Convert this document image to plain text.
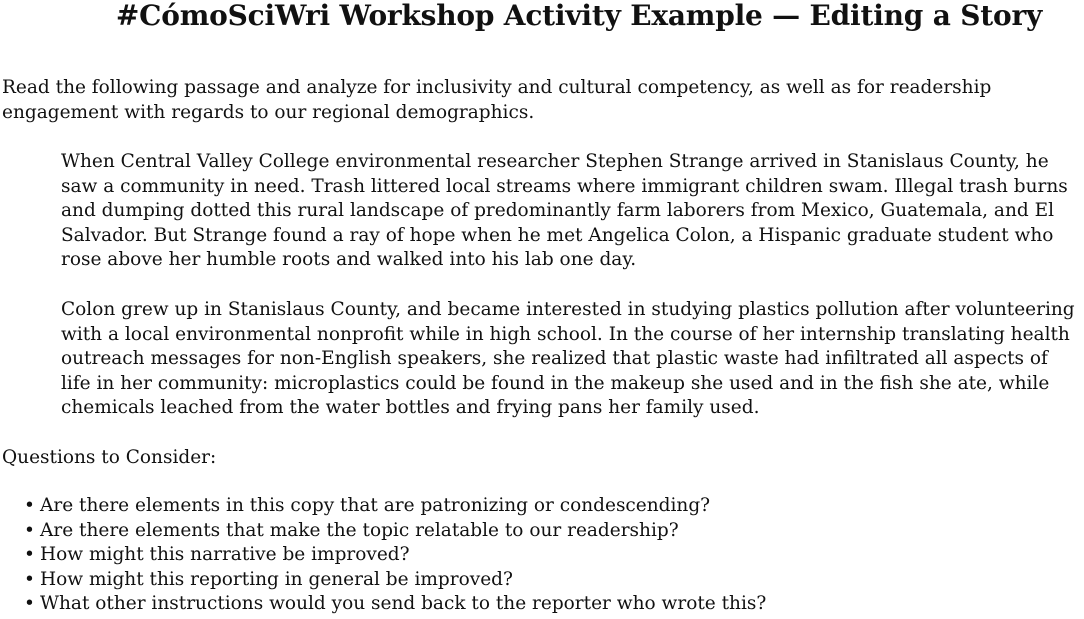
#CómoSciWri Workshop Activity Example — Editing a Story

Read the following passage and analyze for inclusivity and cultural competency, as well as for readership engagement with regards to our regional demographics.

When Central Valley College environmental researcher Stephen Strange arrived in Stanislaus County, he saw a community in need. Trash littered local streams where immigrant children swam. Illegal trash burns and dumping dotted this rural landscape of predominantly farm laborers from Mexico, Guatemala, and El Salvador. But Strange found a ray of hope when he met Angelica Colon, a Hispanic graduate student who rose above her humble roots and walked into his lab one day.

Colon grew up in Stanislaus County, and became interested in studying plastics pollution after volunteering with a local environmental nonprofit while in high school. In the course of her internship translating health outreach messages for non-English speakers, she realized that plastic waste had infiltrated all aspects of life in her community: microplastics could be found in the makeup she used and in the fish she ate, while chemicals leached from the water bottles and frying pans her family used.

Questions to Consider:

• Are there elements in this copy that are patronizing or condescending?
• Are there elements that make the topic relatable to our readership?
• How might this narrative be improved?
• How might this reporting in general be improved?
• What other instructions would you send back to the reporter who wrote this?
